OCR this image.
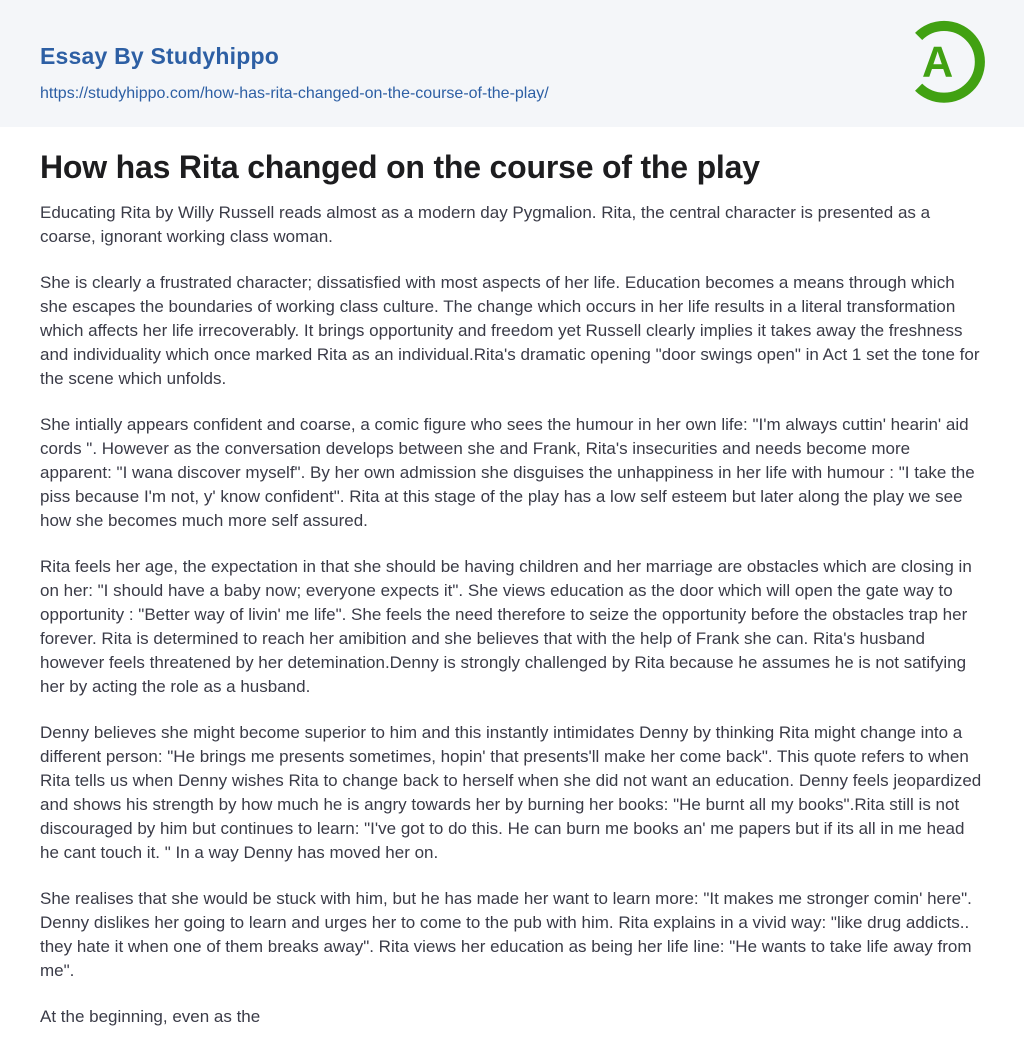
Essay By Studyhippo
https://studyhippo.com/how-has-rita-changed-on-the-course-of-the-play/
A
How has Rita changed on the course of the play

Educating Rita by Willy Russell reads almost as a modern day Pygmalion. Rita, the central character is presented as a coarse, ignorant working class woman.

She is clearly a frustrated character; dissatisfied with most aspects of her life. Education becomes a means through which she escapes the boundaries of working class culture. The change which occurs in her life results in a literal transformation which affects her life irrecoverably. It brings opportunity and freedom yet Russell clearly implies it takes away the freshness and individuality which once marked Rita as an individual.Rita's dramatic opening "door swings open" in Act 1 set the tone for the scene which unfolds.

She intially appears confident and coarse, a comic figure who sees the humour in her own life: "I'm always cuttin' hearin' aid cords ". However as the conversation develops between she and Frank, Rita's insecurities and needs become more apparent: "I wana discover myself". By her own admission she disguises the unhappiness in her life with humour : "I take the piss because I'm not, y' know confident". Rita at this stage of the play has a low self esteem but later along the play we see how she becomes much more self assured.

Rita feels her age, the expectation in that she should be having children and her marriage are obstacles which are closing in on her: "I should have a baby now; everyone expects it". She views education as the door which will open the gate way to opportunity : "Better way of livin' me life". She feels the need therefore to seize the opportunity before the obstacles trap her forever. Rita is determined to reach her amibition and she believes that with the help of Frank she can. Rita's husband however feels threatened by her detemination.Denny is strongly challenged by Rita because he assumes he is not satifying her by acting the role as a husband.

Denny believes she might become superior to him and this instantly intimidates Denny by thinking Rita might change into a different person: "He brings me presents sometimes, hopin' that presents'll make her come back". This quote refers to when Rita tells us when Denny wishes Rita to change back to herself when she did not want an education. Denny feels jeopardized and shows his strength by how much he is angry towards her by burning her books: "He burnt all my books".Rita still is not discouraged by him but continues to learn: "I've got to do this. He can burn me books an' me papers but if its all in me head he cant touch it. " In a way Denny has moved her on.

She realises that she would be stuck with him, but he has made her want to learn more: "It makes me stronger comin' here". Denny dislikes her going to learn and urges her to come to the pub with him. Rita explains in a vivid way: "like drug addicts.. they hate it when one of them breaks away". Rita views her education as being her life line: "He wants to take life away from me".

At the beginning, even as the
